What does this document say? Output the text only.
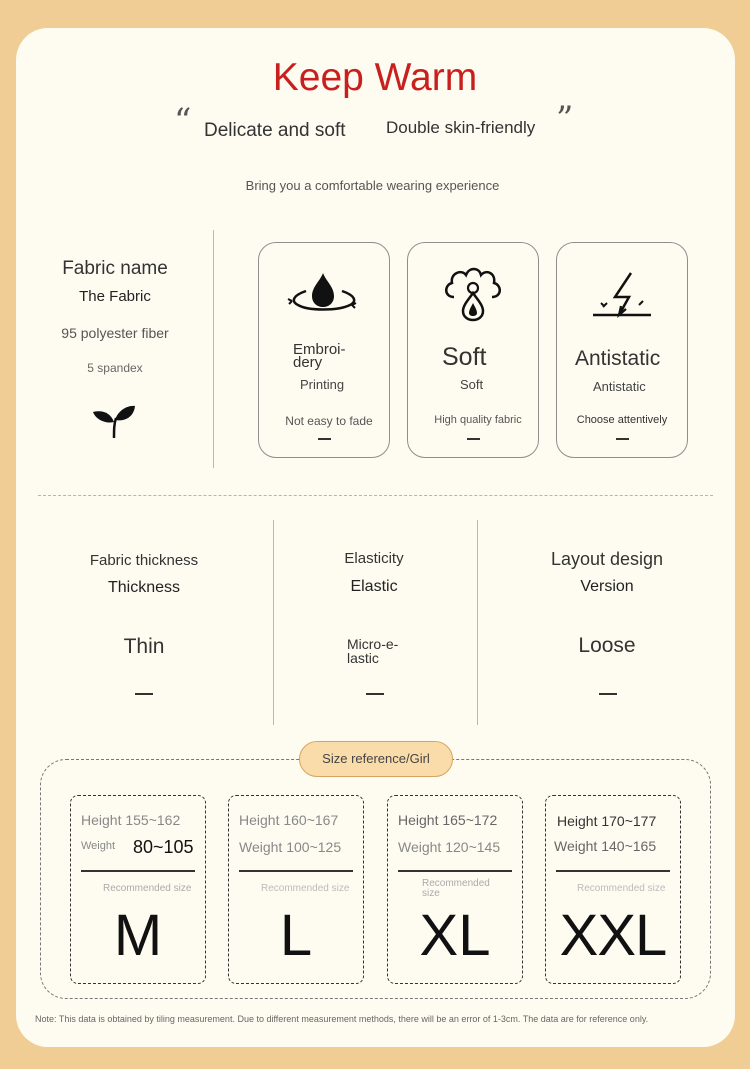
Keep Warm
“	”
Delicate and soft Double skin-friendly
Bring you a comfortable wearing experience
Fabric name
The Fabric
95 polyester fiber
5 spandex
Embroi-
dery
Printing
Not easy to fade
Soft
Soft
High quality fabric
Antistatic
Antistatic
Choose attentively
Fabric thickness
Thickness
Thin
Elasticity
Elastic
Micro-e-
lastic
Layout design
Version
Loose
Size reference/Girl
Height 155~162
Weight 80~105
Recommended size
M
Height 160~167
Weight 100~125
Recommended size
L
Height 165~172
Weight 120~145
Recommended
size
XL
Height 170~177
Weight 140~165
Recommended size
XXL
Note: This data is obtained by tiling measurement. Due to different measurement methods, there will be an error of 1-3cm. The data are for reference only.
